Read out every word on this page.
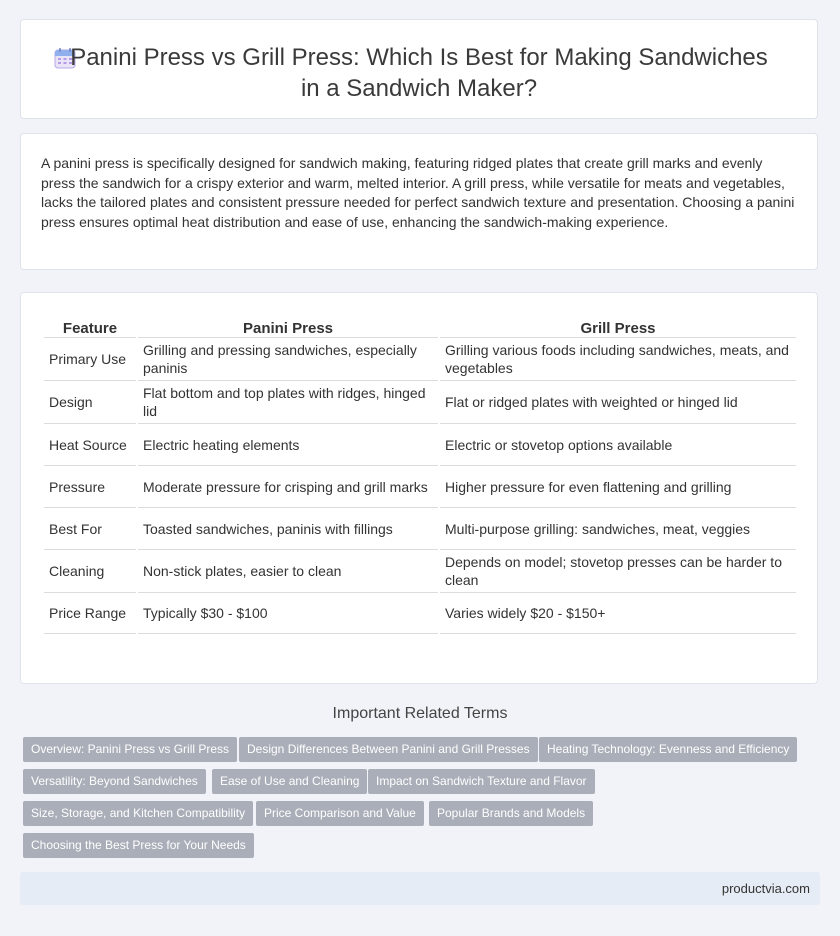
Panini Press vs Grill Press: Which Is Best for Making Sandwiches
in a Sandwich Maker?
A panini press is specifically designed for sandwich making, featuring ridged plates that create grill marks and evenly press the sandwich for a crispy exterior and warm, melted interior. A grill press, while versatile for meats and vegetables, lacks the tailored plates and consistent pressure needed for perfect sandwich texture and presentation. Choosing a panini press ensures optimal heat distribution and ease of use, enhancing the sandwich-making experience.
Feature	Panini Press	Grill Press
Primary Use	Grilling and pressing sandwiches, especially paninis	Grilling various foods including sandwiches, meats, and vegetables
Design	Flat bottom and top plates with ridges, hinged lid	Flat or ridged plates with weighted or hinged lid
Heat Source	Electric heating elements	Electric or stovetop options available
Pressure	Moderate pressure for crisping and grill marks	Higher pressure for even flattening and grilling
Best For	Toasted sandwiches, paninis with fillings	Multi-purpose grilling: sandwiches, meat, veggies
Cleaning	Non-stick plates, easier to clean	Depends on model; stovetop presses can be harder to clean
Price Range	Typically $30 - $100	Varies widely $20 - $150+
Important Related Terms
Overview: Panini Press vs Grill Press	Design Differences Between Panini and Grill Presses	Heating Technology: Evenness and Efficiency
Versatility: Beyond Sandwiches	Ease of Use and Cleaning	Impact on Sandwich Texture and Flavor
Size, Storage, and Kitchen Compatibility	Price Comparison and Value	Popular Brands and Models
Choosing the Best Press for Your Needs
productvia.com
